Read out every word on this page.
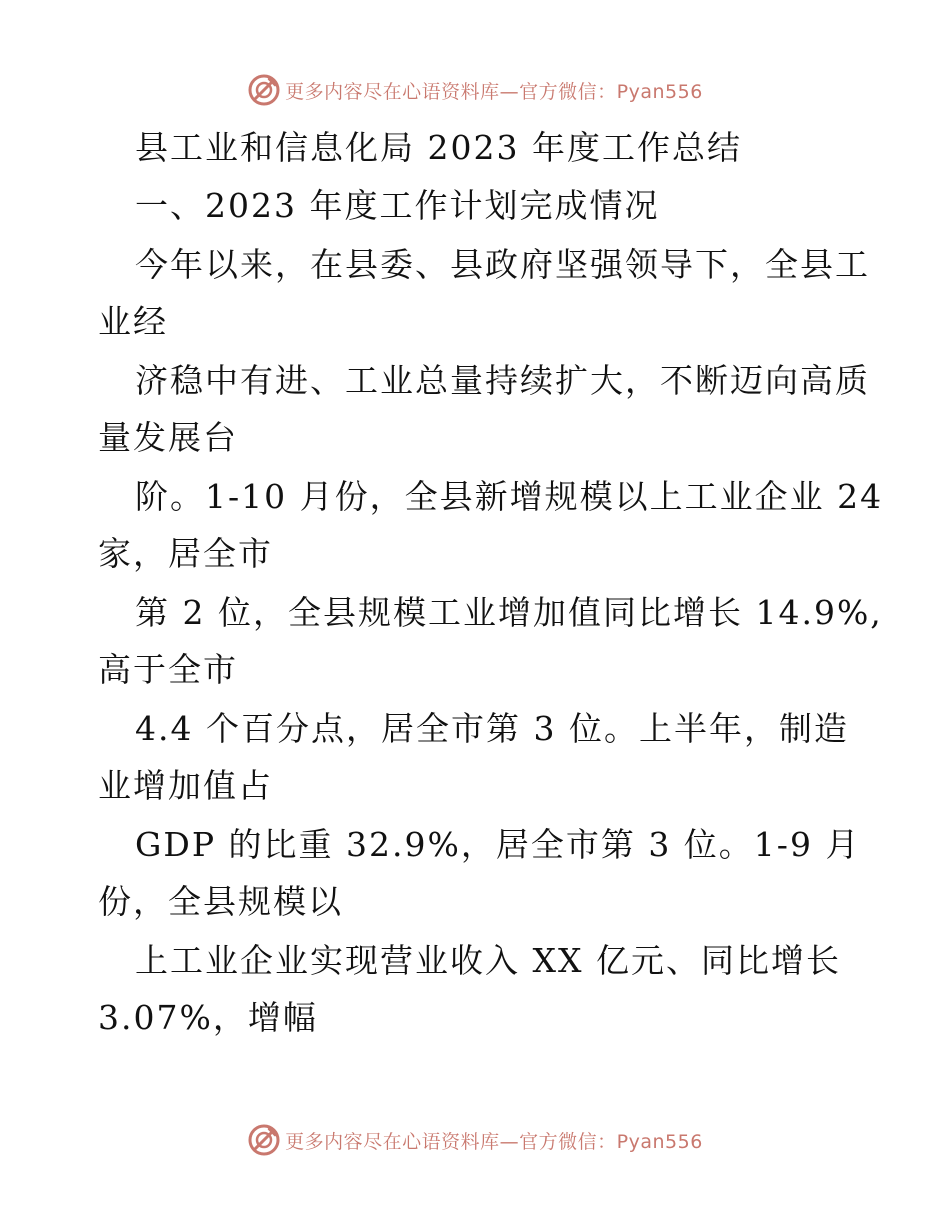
更多内容尽在心语资料库—官方微信：Pyan556
县工业和信息化局 2023 年度工作总结
一、2023 年度工作计划完成情况
今年以来，在县委、县政府坚强领导下，全县工
业经
济稳中有进、工业总量持续扩大，不断迈向高质
量发展台
阶。1-10 月份，全县新增规模以上工业企业 24
家，居全市
第 2 位，全县规模工业增加值同比增长 14.9%,
高于全市
4.4 个百分点，居全市第 3 位。上半年，制造
业增加值占
GDP 的比重 32.9%，居全市第 3 位。1-9 月
份，全县规模以
上工业企业实现营业收入 XX 亿元、同比增长
3.07%，增幅
更多内容尽在心语资料库—官方微信：Pyan556
